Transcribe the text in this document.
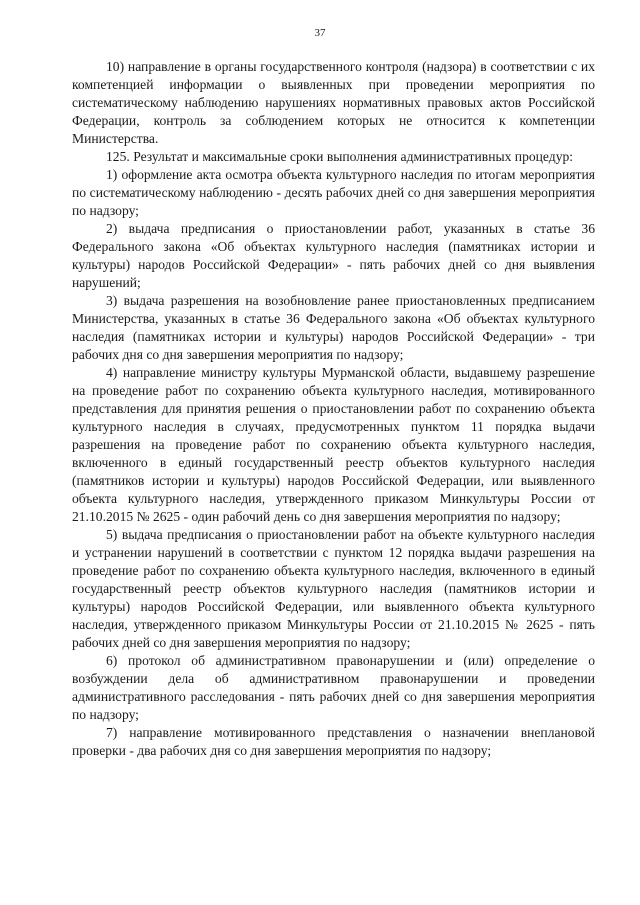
37

10) направление в органы государственного контроля (надзора) в соответствии с их компетенцией информации о выявленных при проведении мероприятия по систематическому наблюдению нарушениях нормативных правовых актов Российской Федерации, контроль за соблюдением которых не относится к компетенции Министерства.

125. Результат и максимальные сроки выполнения административных процедур:

1) оформление акта осмотра объекта культурного наследия по итогам мероприятия по систематическому наблюдению - десять рабочих дней со дня завершения мероприятия по надзору;

2) выдача предписания о приостановлении работ, указанных в статье 36 Федерального закона «Об объектах культурного наследия (памятниках истории и культуры) народов Российской Федерации» - пять рабочих дней со дня выявления нарушений;

3) выдача разрешения на возобновление ранее приостановленных предписанием Министерства, указанных в статье 36 Федерального закона «Об объектах культурного наследия (памятниках истории и культуры) народов Российской Федерации» - три рабочих дня со дня завершения мероприятия по надзору;

4) направление министру культуры Мурманской области, выдавшему разрешение на проведение работ по сохранению объекта культурного наследия, мотивированного представления для принятия решения о приостановлении работ по сохранению объекта культурного наследия в случаях, предусмотренных пунктом 11 порядка выдачи разрешения на проведение работ по сохранению объекта культурного наследия, включенного в единый государственный реестр объектов культурного наследия (памятников истории и культуры) народов Российской Федерации, или выявленного объекта культурного наследия, утвержденного приказом Минкультуры России от 21.10.2015 № 2625 - один рабочий день со дня завершения мероприятия по надзору;

5) выдача предписания о приостановлении работ на объекте культурного наследия и устранении нарушений в соответствии с пунктом 12 порядка выдачи разрешения на проведение работ по сохранению объекта культурного наследия, включенного в единый государственный реестр объектов культурного наследия (памятников истории и культуры) народов Российской Федерации, или выявленного объекта культурного наследия, утвержденного приказом Минкультуры России от 21.10.2015 № 2625 - пять рабочих дней со дня завершения мероприятия по надзору;

6) протокол об административном правонарушении и (или) определение о возбуждении дела об административном правонарушении и проведении административного расследования - пять рабочих дней со дня завершения мероприятия по надзору;

7) направление мотивированного представления о назначении внеплановой проверки - два рабочих дня со дня завершения мероприятия по надзору;
